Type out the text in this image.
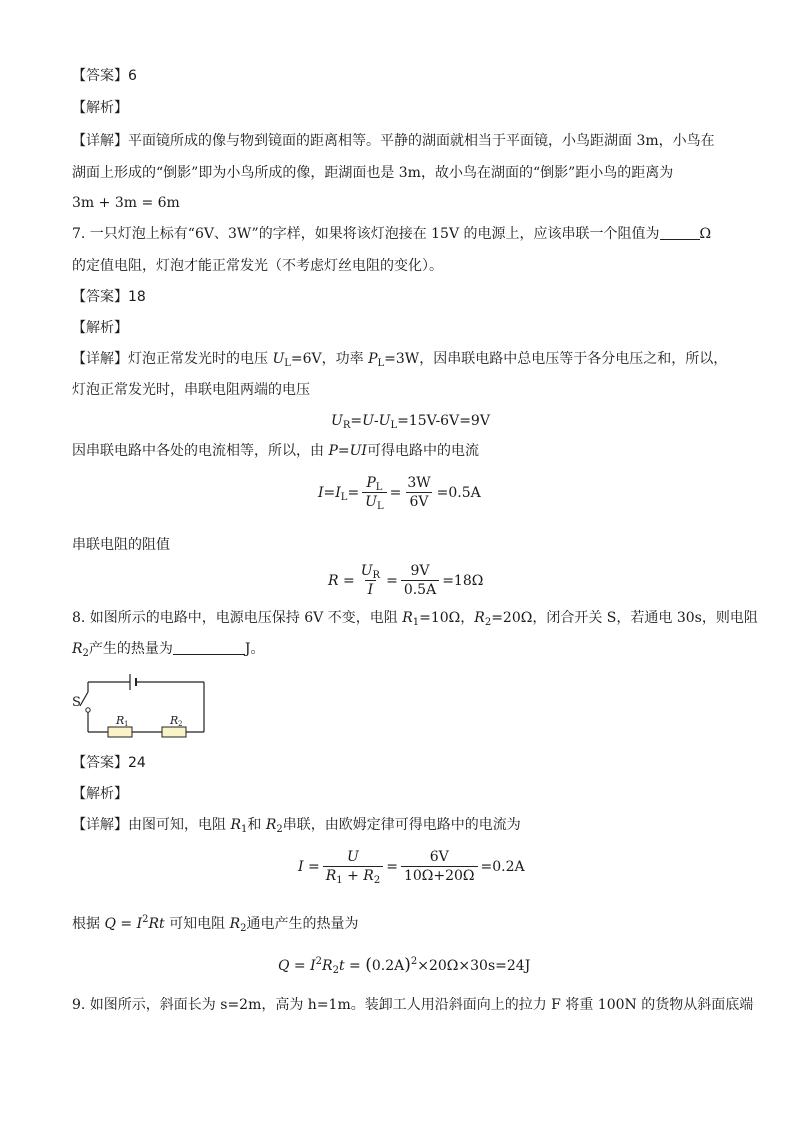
【答案】6
【解析】
【详解】平面镜所成的像与物到镜面的距离相等。平静的湖面就相当于平面镜，小鸟距湖面 3m，小鸟在
湖面上形成的“倒影”即为小鸟所成的像，距湖面也是 3m，故小鸟在湖面的“倒影”距小鸟的距离为
3m + 3m = 6m
7. 一只灯泡上标有“6V、3W”的字样，如果将该灯泡接在 15V 的电源上，应该串联一个阻值为	Ω
的定值电阻，灯泡才能正常发光（不考虑灯丝电阻的变化）。
【答案】18
【解析】
【详解】灯泡正常发光时的电压 $U_L=6V$，功率 $P_L=3W$，因串联电路中总电压等于各分电压之和，所以，
灯泡正常发光时，串联电阻两端的电压
$U_R=U-U_L=15V-6V=9V$
因串联电路中各处的电流相等，所以，由 P=UI可得电路中的电流
$I=I_L= \frac{P_L}{U_L} = \frac{3W}{6V} =0.5A$
串联电阻的阻值
$R = \frac{U_R}{I} = \frac{9V}{0.5A} =18\Omega$
8. 如图所示的电路中，电源电压保持 6V 不变，电阻 $R_1=10\Omega$，$R_2=20\Omega$，闭合开关 S，若通电 30s，则电阻
$R_2$产生的热量为	J。
S
R 1	R 2
【答案】24
【解析】
【详解】由图可知，电阻 $R_1$和 $R_2$串联，由欧姆定律可得电路中的电流为
$I = \frac{U}{R_1 + R_2} = \frac{6V}{10\Omega+20\Omega} =0.2A$
根据 $Q = I^2Rt$ 可知电阻 $R_2$通电产生的热量为
$Q = I^2R_2t = (0.2A)^2\times 20\Omega\times 30s=24J$
9. 如图所示，斜面长为 s=2m，高为 h=1m。装卸工人用沿斜面向上的拉力 F 将重 100N 的货物从斜面底端
